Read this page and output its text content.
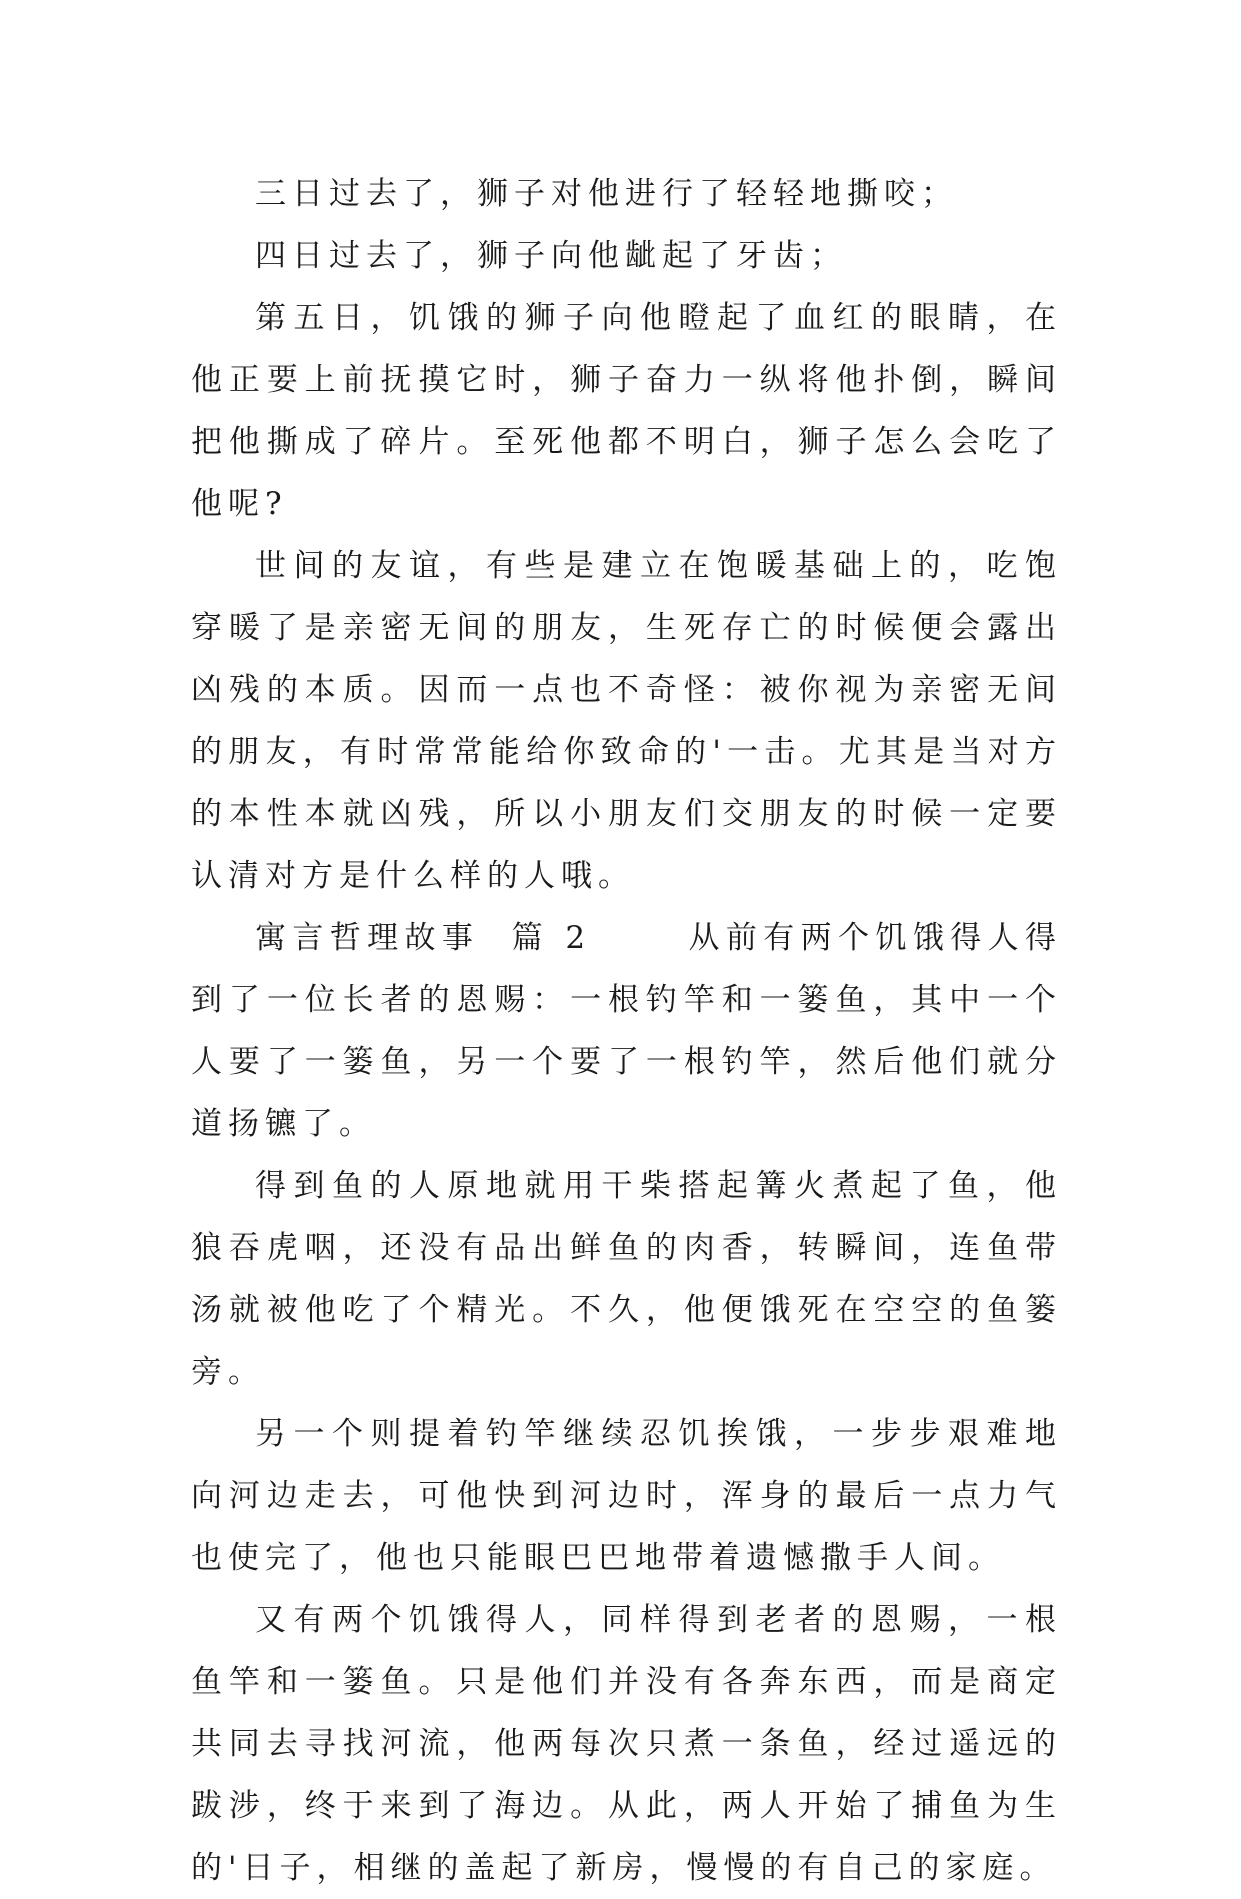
三日过去了，狮子对他进行了轻轻地撕咬；

四日过去了，狮子向他龇起了牙齿；

第五日，饥饿的狮子向他瞪起了血红的眼睛，在他正要上前抚摸它时，狮子奋力一纵将他扑倒，瞬间把他撕成了碎片。至死他都不明白，狮子怎么会吃了他呢?

世间的友谊，有些是建立在饱暖基础上的，吃饱穿暖了是亲密无间的朋友，生死存亡的时候便会露出凶残的本质。因而一点也不奇怪：被你视为亲密无间的朋友，有时常常能给你致命的'一击。尤其是当对方的本性本就凶残，所以小朋友们交朋友的时候一定要认清对方是什么样的人哦。

寓言哲理故事  篇 2      从前有两个饥饿得人得到了一位长者的恩赐：一根钓竿和一篓鱼，其中一个人要了一篓鱼，另一个要了一根钓竿，然后他们就分道扬镳了。

得到鱼的人原地就用干柴搭起篝火煮起了鱼，他狼吞虎咽，还没有品出鲜鱼的肉香，转瞬间，连鱼带汤就被他吃了个精光。不久，他便饿死在空空的鱼篓旁。

另一个则提着钓竿继续忍饥挨饿，一步步艰难地向河边走去，可他快到河边时，浑身的最后一点力气也使完了，他也只能眼巴巴地带着遗憾撒手人间。

又有两个饥饿得人，同样得到老者的恩赐，一根鱼竿和一篓鱼。只是他们并没有各奔东西，而是商定共同去寻找河流，他两每次只煮一条鱼，经过遥远的跋涉，终于来到了海边。从此，两人开始了捕鱼为生的'日子，相继的盖起了新房，慢慢的有自己的家庭。
